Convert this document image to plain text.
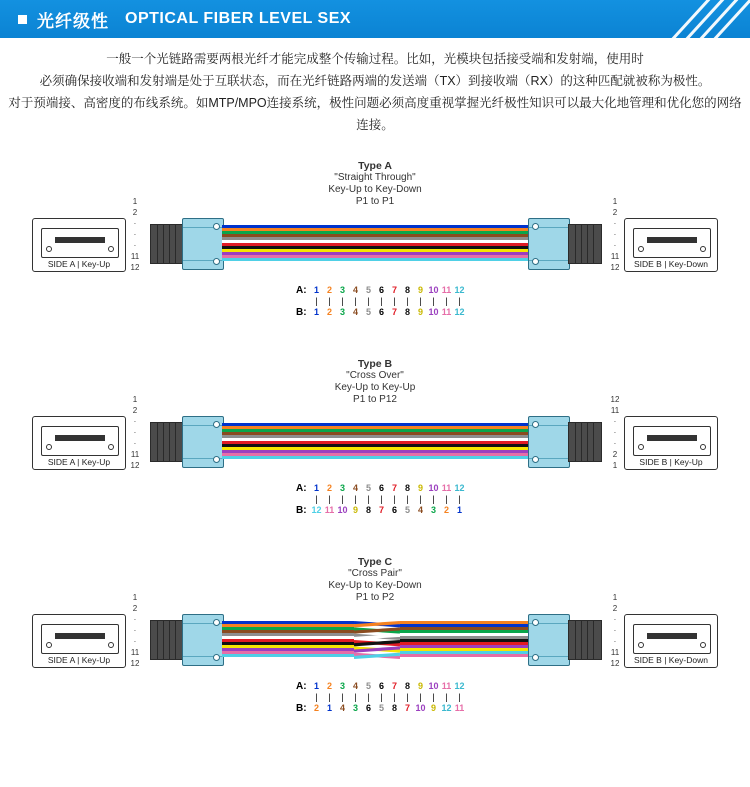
光纤级性 OPTICAL FIBER LEVEL SEX

一般一个光链路需要两根光纤才能完成整个传输过程。比如，光模块包括接受端和发射端，使用时

必须确保接收端和发射端是处于互联状态，而在光纤链路两端的发送端（TX）到接收端（RX）的这种匹配就被称为极性。

对于预端接、高密度的布线系统。如MTP/MPO连接系统，极性问题必须高度重视掌握光纤极性知识可以最大化地管理和优化您的网络连接。

Type A
"Straight Through"
Key-Up to Key-Down
P1 to P1
SIDE A | Key-Up	SIDE B | Key-Down
1
2
·
·
·
11
12
1
2
·
·
·
11
12
A: 1 2 3 4 5 6 7 8 9 10 11 12
|	|	|	|	|	|	|	|	|	|	|	|
B: 1 2 3 4 5 6 7 8 9 10 11 12
Type B
"Cross Over"
Key-Up to Key-Up
P1 to P12
SIDE A | Key-Up	SIDE B | Key-Up
1
2
·
·
·
11
12
12
11
·
·
·
2
1
A: 1 2 3 4 5 6 7 8 9 10 11 12
|	|	|	|	|	|	|	|	|	|	|	|
B: 12 11 10 9 8 7 6 5 4 3 2 1
Type C
"Cross Pair"
Key-Up to Key-Down
P1 to P2
SIDE A | Key-Up	SIDE B | Key-Down
1
2
·
·
·
11
12
1
2
·
·
·
11
12
A: 1 2 3 4 5 6 7 8 9 10 11 12
|	|	|	|	|	|	|	|	|	|	|	|
B: 2 1 4 3 6 5 8 7 10 9 12 11
